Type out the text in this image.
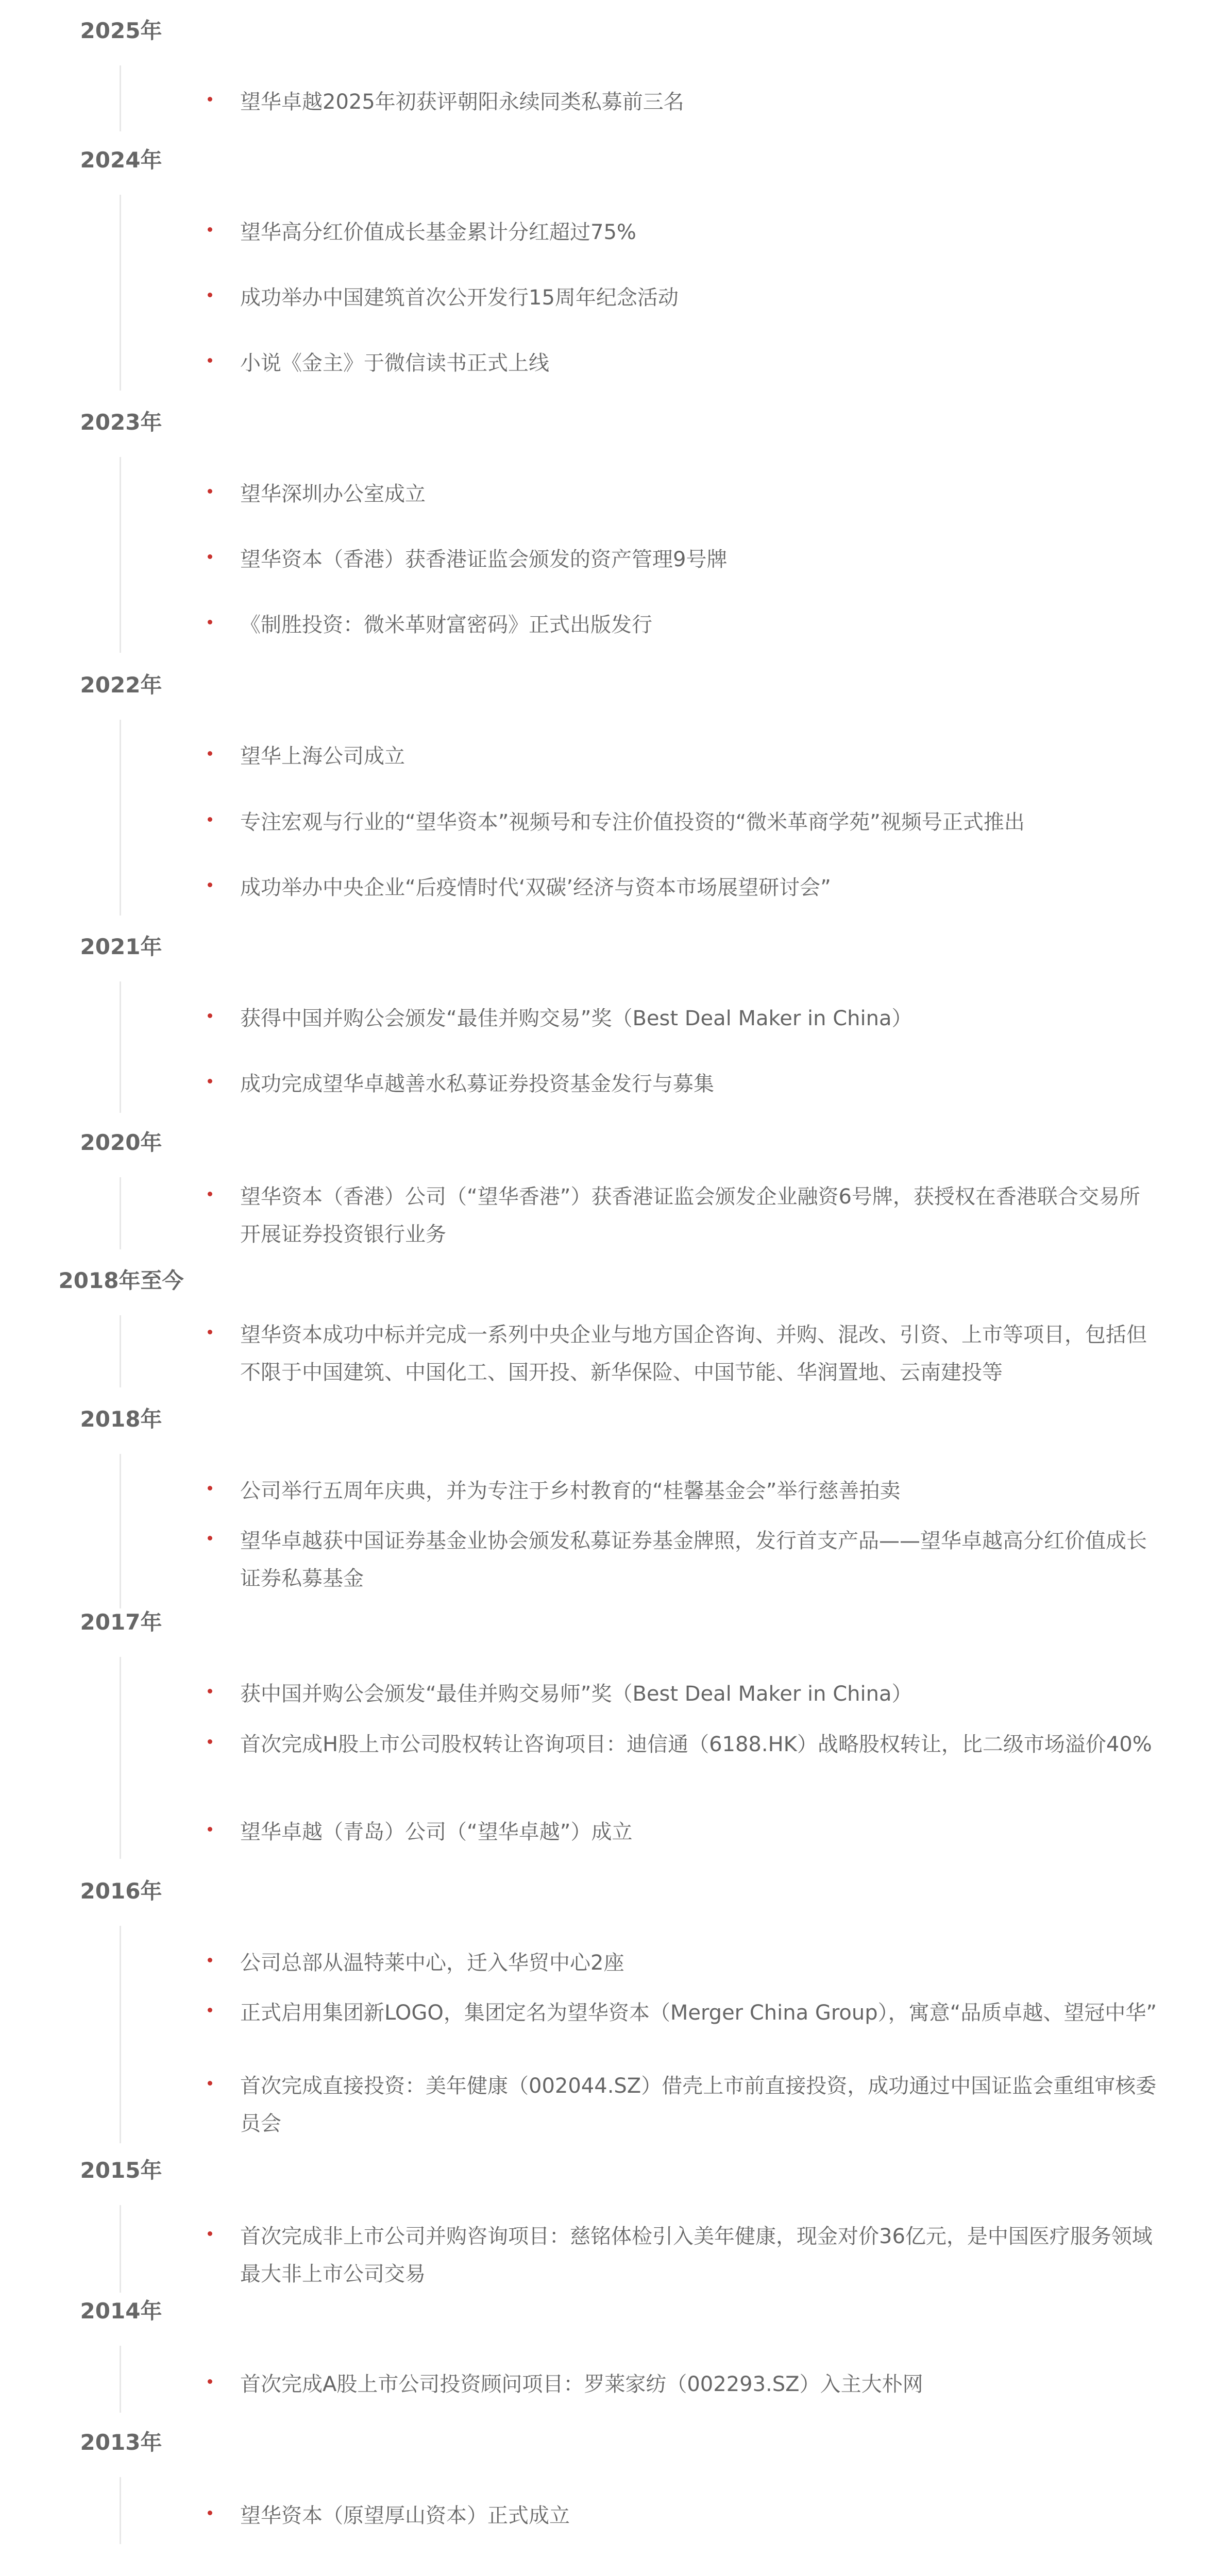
2025年
望华卓越2025年初获评朝阳永续同类私募前三名
2024年
望华高分红价值成长基金累计分红超过75%
成功举办中国建筑首次公开发行15周年纪念活动
小说《金主》于微信读书正式上线
2023年
望华深圳办公室成立
望华资本（香港）获香港证监会颁发的资产管理9号牌
《制胜投资：微米革财富密码》正式出版发行
2022年
望华上海公司成立
专注宏观与行业的“望华资本”视频号和专注价值投资的“微米革商学苑”视频号正式推出
成功举办中央企业“后疫情时代‘双碳’经济与资本市场展望研讨会”
2021年
获得中国并购公会颁发“最佳并购交易”奖（Best Deal Maker in China）
成功完成望华卓越善水私募证券投资基金发行与募集
2020年
望华资本（香港）公司（“望华香港”）获香港证监会颁发企业融资6号牌，获授权在香港联合交易所开展证券投资银行业务
2018年至今
望华资本成功中标并完成一系列中央企业与地方国企咨询、并购、混改、引资、上市等项目，包括但不限于中国建筑、中国化工、国开投、新华保险、中国节能、华润置地、云南建投等
2018年
公司举行五周年庆典，并为专注于乡村教育的“桂馨基金会”举行慈善拍卖
望华卓越获中国证券基金业协会颁发私募证券基金牌照，发行首支产品——望华卓越高分红价值成长证券私募基金
2017年
获中国并购公会颁发“最佳并购交易师”奖（Best Deal Maker in China）
首次完成H股上市公司股权转让咨询项目：迪信通（6188.HK）战略股权转让，比二级市场溢价40%
望华卓越（青岛）公司（“望华卓越”）成立
2016年
公司总部从温特莱中心，迁入华贸中心2座
正式启用集团新LOGO，集团定名为望华资本（Merger China Group），寓意“品质卓越、望冠中华”
首次完成直接投资：美年健康（002044.SZ）借壳上市前直接投资，成功通过中国证监会重组审核委员会
2015年
首次完成非上市公司并购咨询项目：慈铭体检引入美年健康，现金对价36亿元，是中国医疗服务领域最大非上市公司交易
2014年
首次完成A股上市公司投资顾问项目：罗莱家纺（002293.SZ）入主大朴网
2013年
望华资本（原望厚山资本）正式成立
